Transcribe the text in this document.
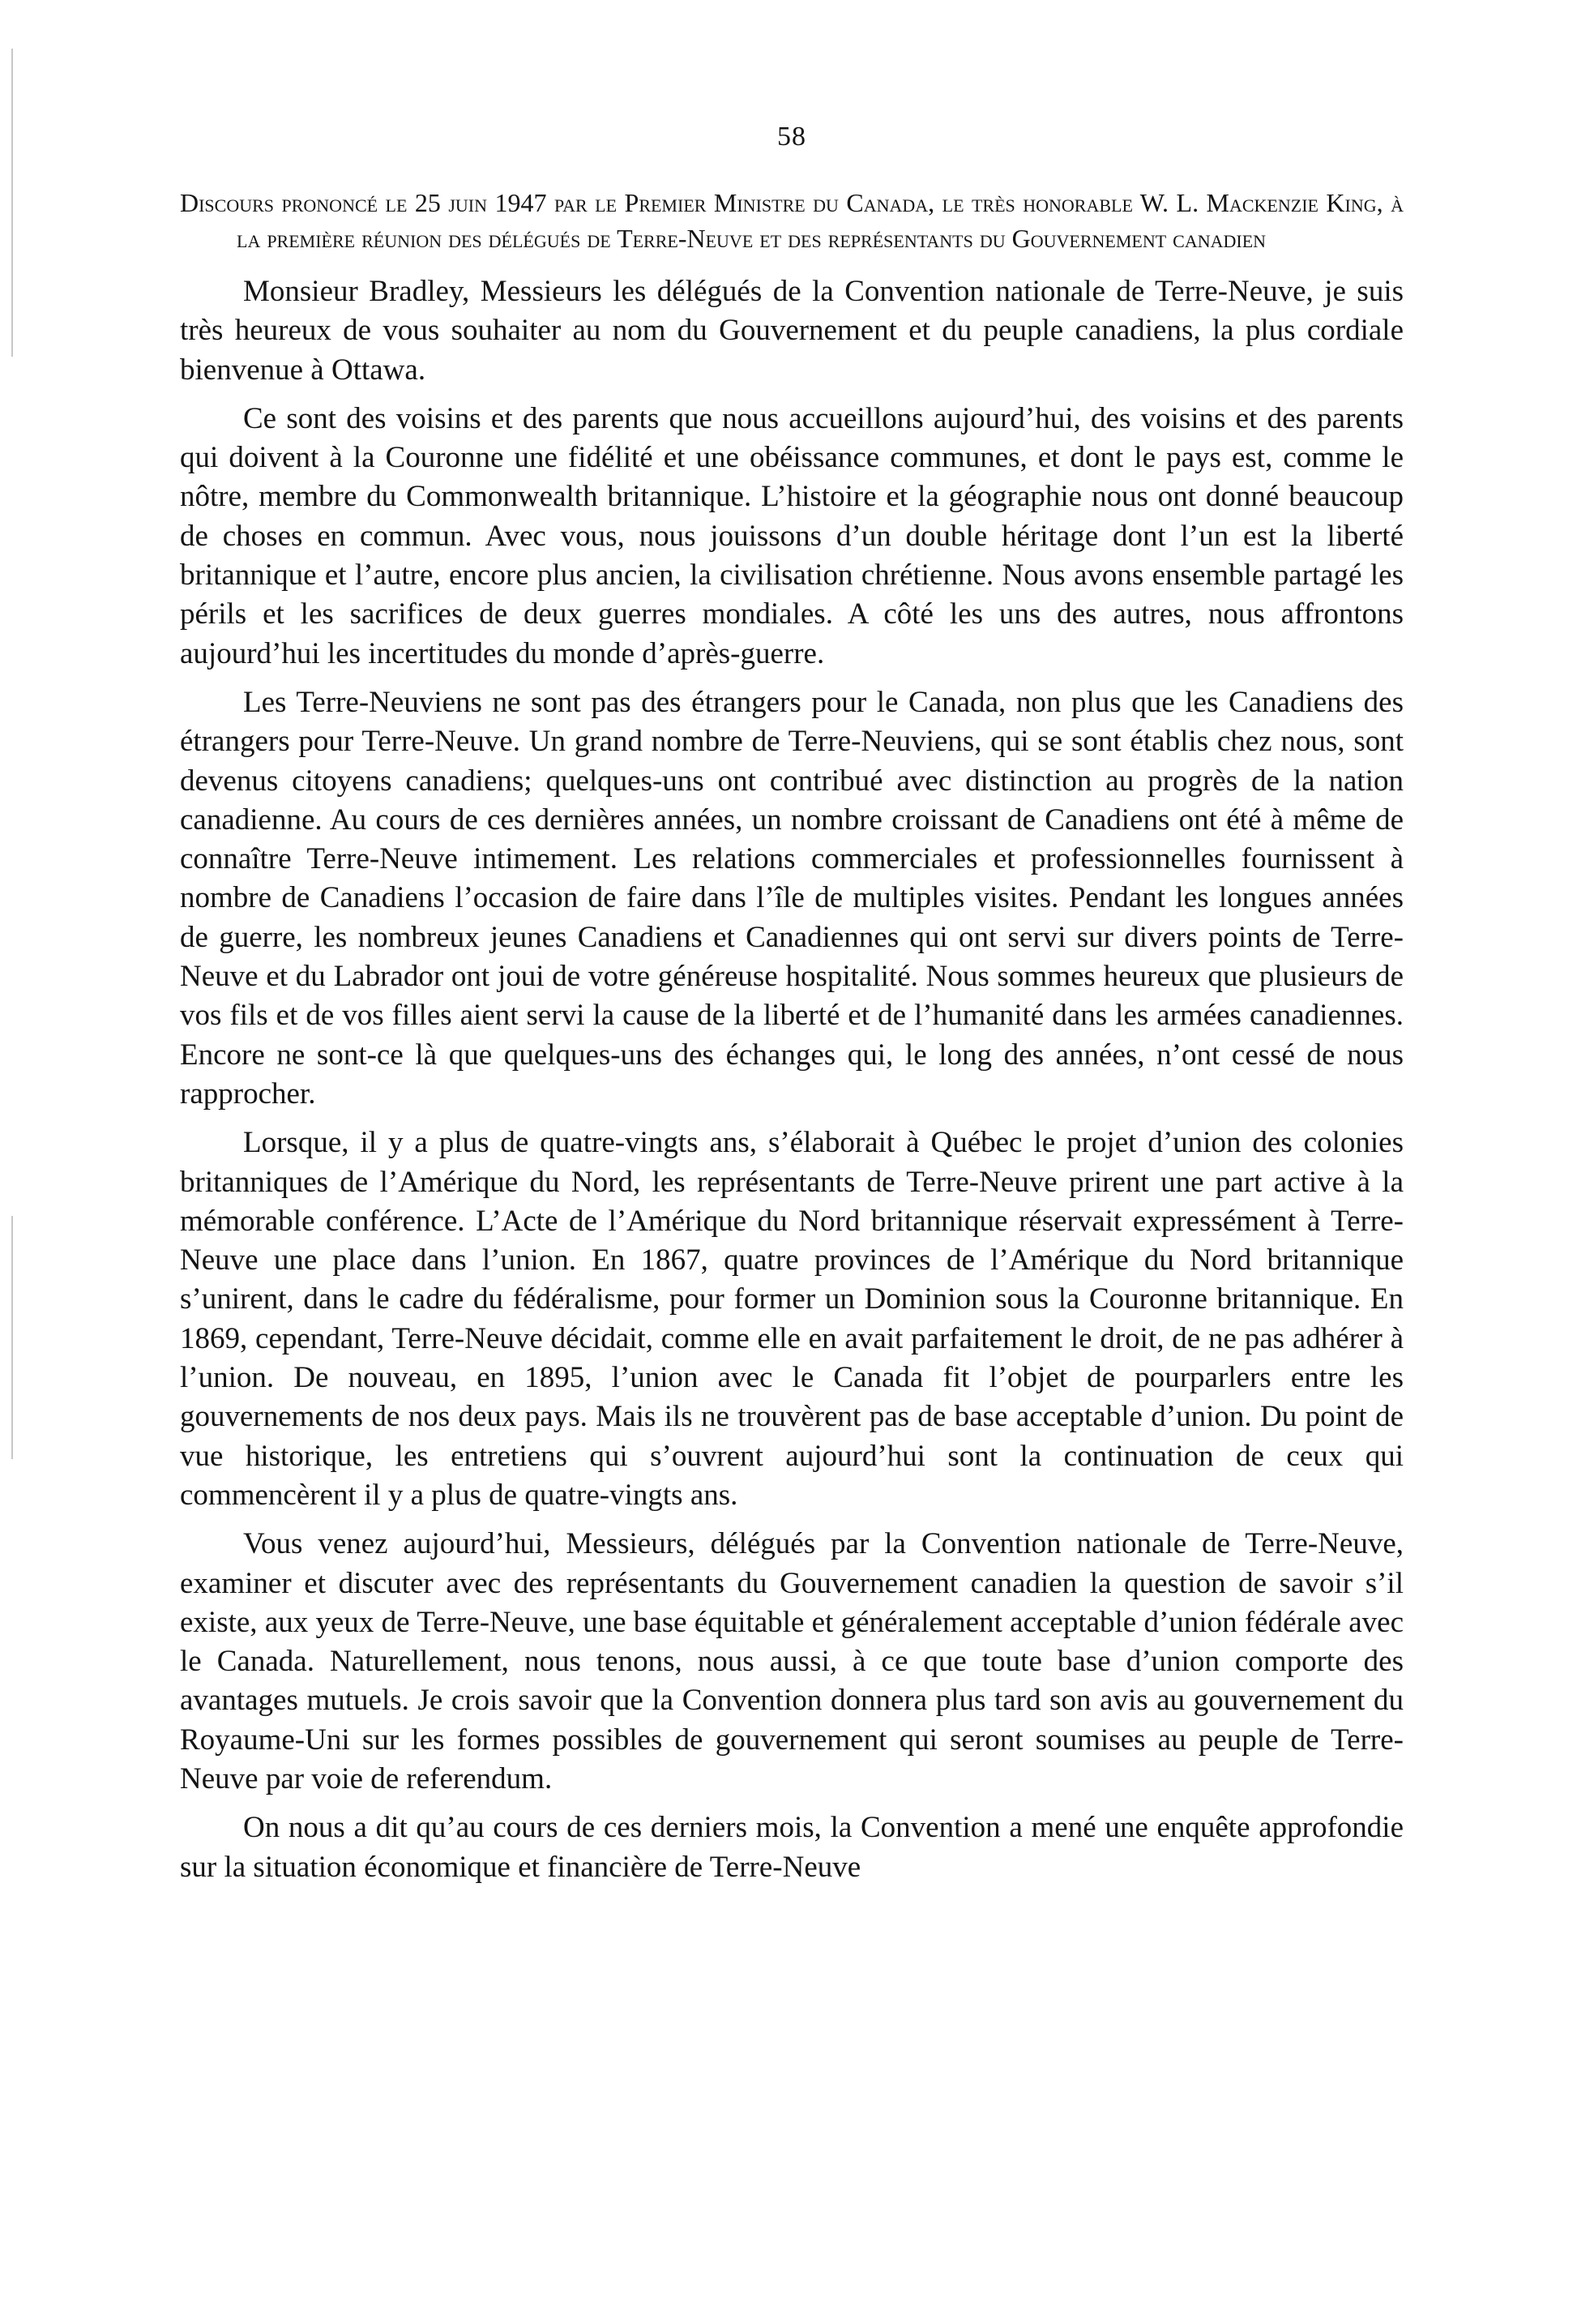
58
Discours prononcé le 25 juin 1947 par le Premier Ministre du Canada, le très honorable W. L. Mackenzie King, à la première réunion des délégués de Terre-Neuve et des représentants du Gouvernement canadien

Monsieur Bradley, Messieurs les délégués de la Convention nationale de Terre-Neuve, je suis très heureux de vous souhaiter au nom du Gouvernement et du peuple canadiens, la plus cordiale bienvenue à Ottawa.

Ce sont des voisins et des parents que nous accueillons aujourd’hui, des voisins et des parents qui doivent à la Couronne une fidélité et une obéissance communes, et dont le pays est, comme le nôtre, membre du Commonwealth britannique. L’histoire et la géographie nous ont donné beaucoup de choses en commun. Avec vous, nous jouissons d’un double héritage dont l’un est la liberté britannique et l’autre, encore plus ancien, la civilisation chrétienne. Nous avons ensemble partagé les périls et les sacrifices de deux guerres mondiales. A côté les uns des autres, nous affrontons aujourd’hui les incertitudes du monde d’après-guerre.

Les Terre-Neuviens ne sont pas des étrangers pour le Canada, non plus que les Canadiens des étrangers pour Terre-Neuve. Un grand nombre de Terre-Neuviens, qui se sont établis chez nous, sont devenus citoyens canadiens; quelques-uns ont contribué avec distinction au progrès de la nation canadienne. Au cours de ces dernières années, un nombre croissant de Canadiens ont été à même de connaître Terre-Neuve intimement. Les relations commerciales et professionnelles fournissent à nombre de Canadiens l’occasion de faire dans l’île de multiples visites. Pendant les longues années de guerre, les nombreux jeunes Canadiens et Canadiennes qui ont servi sur divers points de Terre-Neuve et du Labrador ont joui de votre généreuse hospitalité. Nous sommes heureux que plusieurs de vos fils et de vos filles aient servi la cause de la liberté et de l’humanité dans les armées canadiennes. Encore ne sont-ce là que quelques-uns des échanges qui, le long des années, n’ont cessé de nous rapprocher.

Lorsque, il y a plus de quatre-vingts ans, s’élaborait à Québec le projet d’union des colonies britanniques de l’Amérique du Nord, les représentants de Terre-Neuve prirent une part active à la mémorable conférence. L’Acte de l’Amérique du Nord britannique réservait expressément à Terre-Neuve une place dans l’union. En 1867, quatre provinces de l’Amérique du Nord britannique s’unirent, dans le cadre du fédéralisme, pour former un Dominion sous la Couronne britannique. En 1869, cependant, Terre-Neuve décidait, comme elle en avait parfaitement le droit, de ne pas adhérer à l’union. De nouveau, en 1895, l’union avec le Canada fit l’objet de pourparlers entre les gouvernements de nos deux pays. Mais ils ne trouvèrent pas de base acceptable d’union. Du point de vue historique, les entretiens qui s’ouvrent aujourd’hui sont la continuation de ceux qui commencèrent il y a plus de quatre-vingts ans.

Vous venez aujourd’hui, Messieurs, délégués par la Convention nationale de Terre-Neuve, examiner et discuter avec des représentants du Gouvernement canadien la question de savoir s’il existe, aux yeux de Terre-Neuve, une base équitable et généralement acceptable d’union fédérale avec le Canada. Naturellement, nous tenons, nous aussi, à ce que toute base d’union comporte des avantages mutuels. Je crois savoir que la Convention donnera plus tard son avis au gouvernement du Royaume-Uni sur les formes possibles de gouvernement qui seront soumises au peuple de Terre-Neuve par voie de referendum.

On nous a dit qu’au cours de ces derniers mois, la Convention a mené une enquête approfondie sur la situation économique et financière de Terre-Neuve
